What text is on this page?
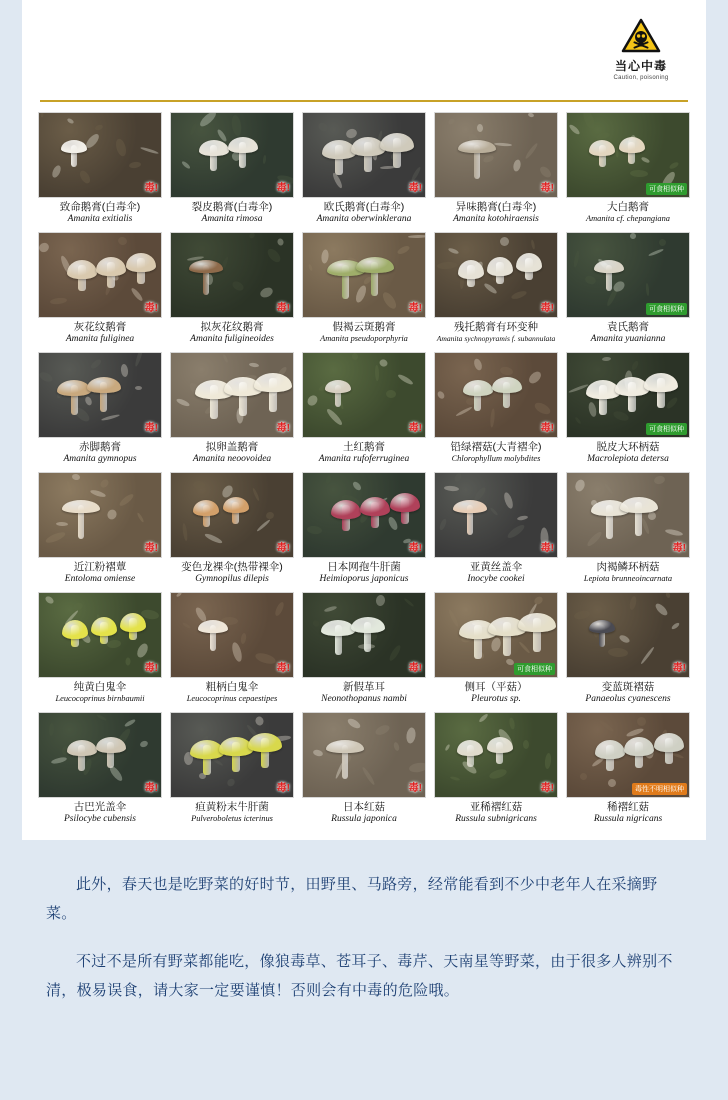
当心中毒
Caution, poisoning
毒!
致命鹅膏(白毒伞)
Amanita exitialis
毒!
裂皮鹅膏(白毒伞)
Amanita rimosa
毒!
欧氏鹅膏(白毒伞)
Amanita oberwinklerana
毒!
异味鹅膏(白毒伞)
Amanita kotohiraensis
可食相似种
大白鹅膏
Amanita cf. chepangiana
毒!
灰花纹鹅膏
Amanita fuliginea
毒!
拟灰花纹鹅膏
Amanita fuligineoides
毒!
假褐云斑鹅膏
Amanita pseudoporphyria
毒!
残托鹅膏有环变种
Amanita sychnopyramis f. subannulata
可食相似种
袁氏鹅膏
Amanita yuanianna
毒!
赤脚鹅膏
Amanita gymnopus
毒!
拟卵盖鹅膏
Amanita neoovoidea
毒!
土红鹅膏
Amanita rufoferruginea
毒!
铅绿褶菇(大青褶伞)
Chlorophyllum molybdites
可食相似种
脱皮大环柄菇
Macrolepiota detersa
毒!
近江粉褶蕈
Entoloma omiense
毒!
变色龙裸伞(热带裸伞)
Gymnopilus dilepis
毒!
日本网孢牛肝菌
Heimioporus japonicus
毒!
亚黄丝盖伞
Inocybe cookei
毒!
肉褐鳞环柄菇
Lepiota brunneoincarnata
毒!
纯黄白鬼伞
Leucocoprinus birnbaumii
毒!
粗柄白鬼伞
Leucocoprinus cepaestipes
毒!
新假革耳
Neonothopanus nambi
可食相似种
侧耳（平菇）
Pleurotus sp.
毒!
变蓝斑褶菇
Panaeolus cyanescens
毒!
古巴光盖伞
Psilocybe cubensis
毒!
疸黄粉末牛肝菌
Pulveroboletus icterinus
毒!
日本红菇
Russula japonica
毒!
亚稀褶红菇
Russula subnigricans
毒性不明相似种
稀褶红菇
Russula nigricans

此外，春天也是吃野菜的好时节，田野里、马路旁，经常能看到不少中老年人在采摘野菜。

不过不是所有野菜都能吃，像狼毒草、苍耳子、毒芹、天南星等野菜，由于很多人辨别不清，极易误食，请大家一定要谨慎！否则会有中毒的危险哦。
